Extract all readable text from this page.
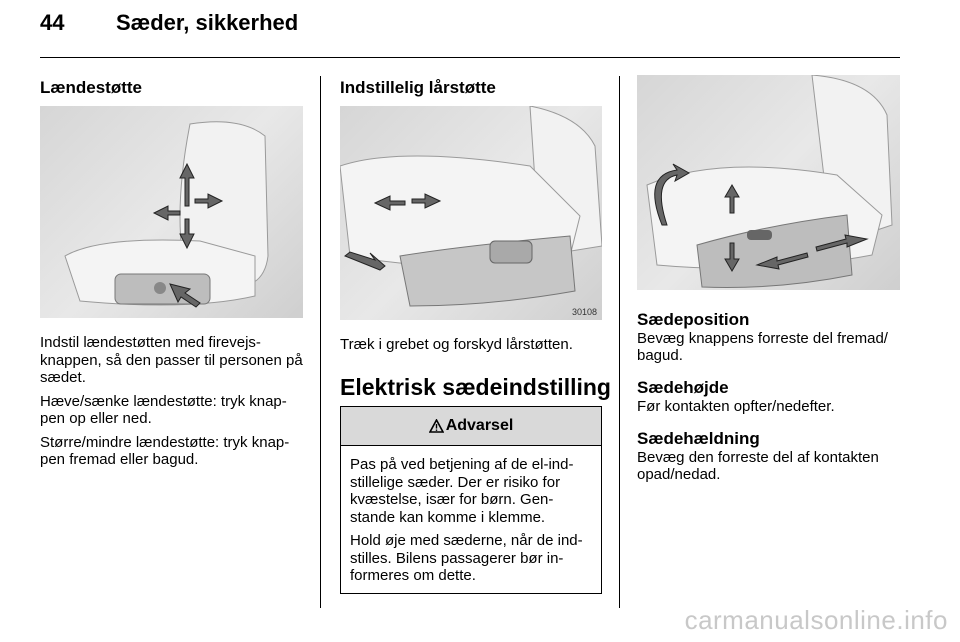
44 Sæder, sikkerhed
Lændestøtte

Indstil lændestøtten med firevejs-knappen, så den passer til personen på sædet.

Hæve/sænke lændestøtte: tryk knap-pen op eller ned.

Større/mindre lændestøtte: tryk knap-pen fremad eller bagud.

Indstillelig lårstøtte
30108
Træk i grebet og forskyd lårstøtten.
Elektrisk sædeindstilling
Advarsel

Pas på ved betjening af de el-ind-stillelige sæder. Der er risiko for kvæstelse, især for børn. Gen-stande kan komme i klemme.

Hold øje med sæderne, når de ind-stilles. Bilens passagerer bør in-formeres om dette.

Sædeposition
Bevæg knappens forreste del fremad/ bagud.
Sædehøjde
Før kontakten opfter/nedefter.
Sædehældning
Bevæg den forreste del af kontakten opad/nedad.
carmanualsonline.info
